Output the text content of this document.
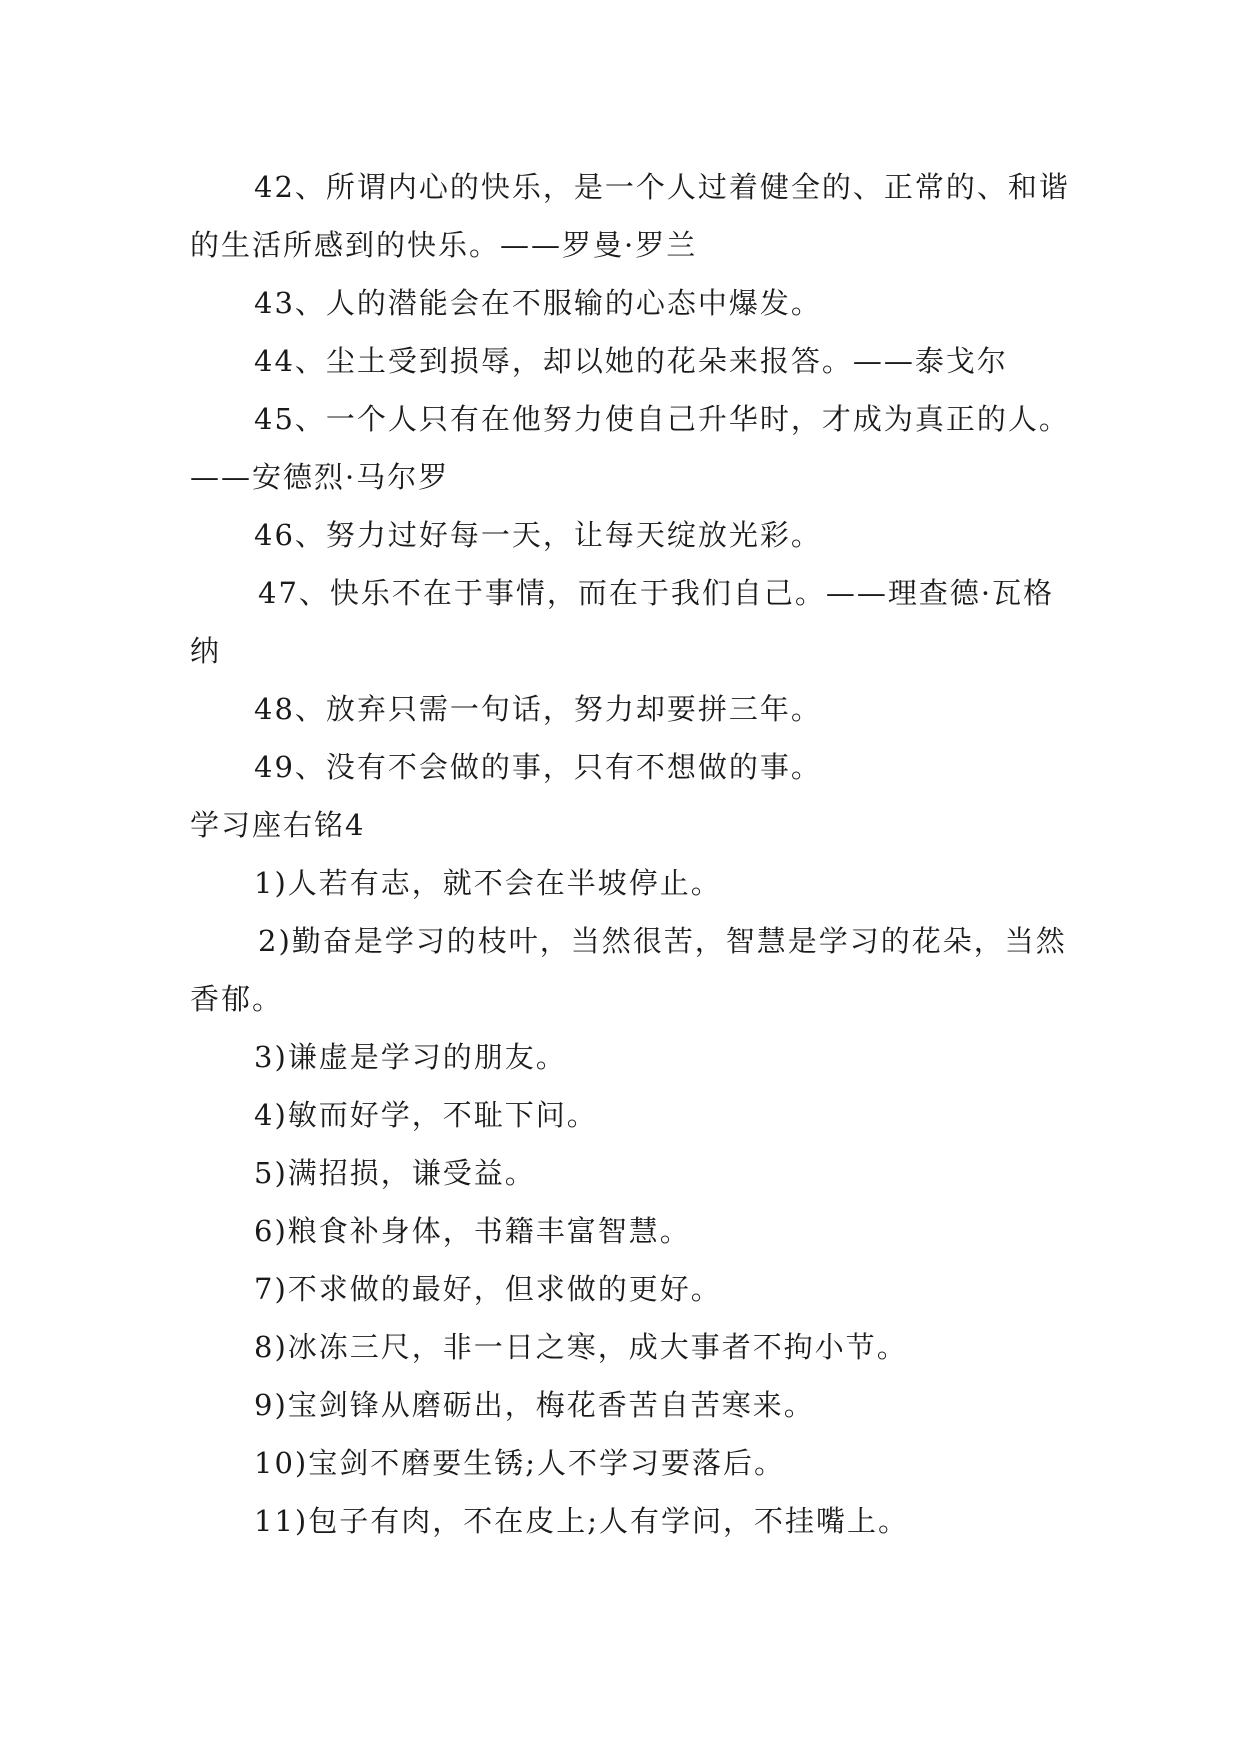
42、所谓内心的快乐，是一个人过着健全的、正常的、和谐的生活所感到的快乐。——罗曼·罗兰

43、人的潜能会在不服输的心态中爆发。

44、尘土受到损辱，却以她的花朵来报答。——泰戈尔

45、一个人只有在他努力使自己升华时，才成为真正的人。——安德烈·马尔罗

46、努力过好每一天，让每天绽放光彩。

47、快乐不在于事情，而在于我们自己。——理查德·瓦格纳

48、放弃只需一句话，努力却要拼三年。

49、没有不会做的事，只有不想做的事。

学习座右铭4

1)人若有志，就不会在半坡停止。

2)勤奋是学习的枝叶，当然很苦，智慧是学习的花朵，当然香郁。

3)谦虚是学习的朋友。

4)敏而好学，不耻下问。

5)满招损，谦受益。

6)粮食补身体，书籍丰富智慧。

7)不求做的最好，但求做的更好。

8)冰冻三尺，非一日之寒，成大事者不拘小节。

9)宝剑锋从磨砺出，梅花香苦自苦寒来。

10)宝剑不磨要生锈;人不学习要落后。

11)包子有肉，不在皮上;人有学问，不挂嘴上。
